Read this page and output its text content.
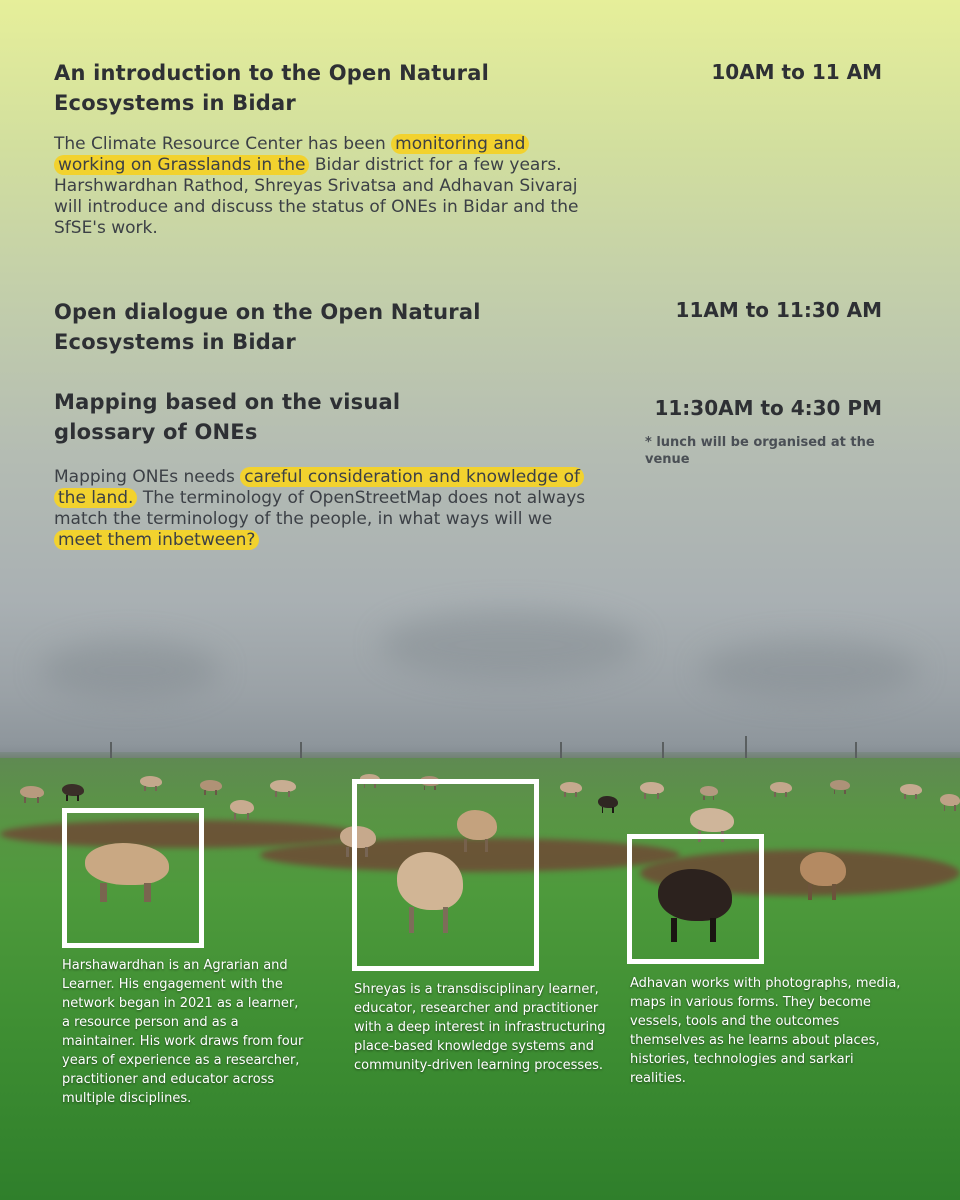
An introduction to the Open Natural Ecosystems in Bidar

10AM to 11 AM

The Climate Resource Center has been monitoring and working on Grasslands in the Bidar district for a few years. Harshwardhan Rathod, Shreyas Srivatsa and Adhavan Sivaraj will introduce and discuss the status of ONEs in Bidar and the SfSE's work.

Open dialogue on the Open Natural Ecosystems in Bidar

11AM to 11:30 AM

Mapping based on the visual glossary of ONEs

11:30AM to 4:30 PM

* lunch will be organised at the venue

Mapping ONEs needs careful consideration and knowledge of the land. The terminology of OpenStreetMap does not always match the terminology of the people, in what ways will we meet them inbetween?

Harshawardhan is an Agrarian and Learner. His engagement with the network began in 2021 as a learner, a resource person and as a maintainer. His work draws from four years of experience as a researcher, practitioner and educator across multiple disciplines.

Shreyas is a transdisciplinary learner, educator, researcher and practitioner with a deep interest in infrastructuring place-based knowledge systems and community-driven learning processes.

Adhavan works with photographs, media, maps in various forms. They become vessels, tools and the outcomes themselves as he learns about places, histories, technologies and sarkari realities.
